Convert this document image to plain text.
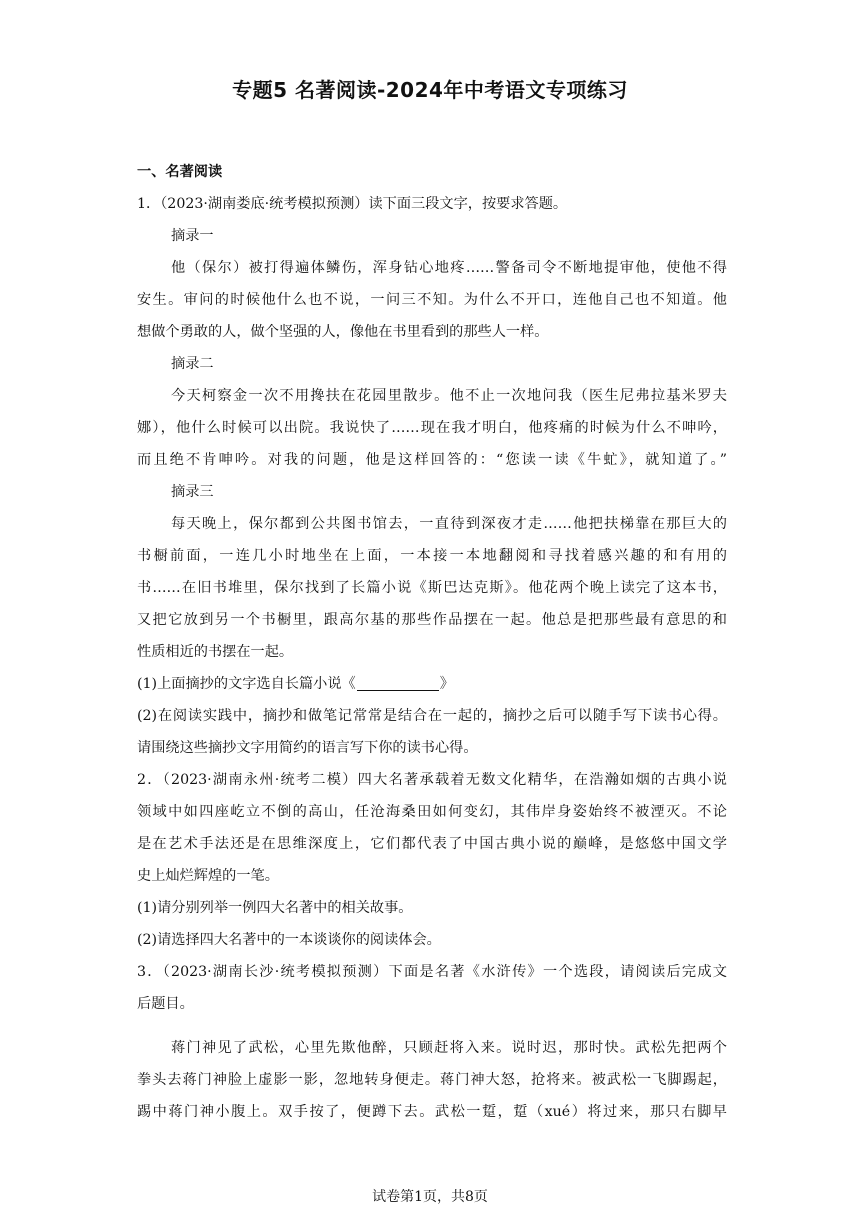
专题5 名著阅读-2024年中考语文专项练习
一、名著阅读
1．（2023·湖南娄底·统考模拟预测）读下面三段文字，按要求答题。
摘录一
他（保尔）被打得遍体鳞伤，浑身钻心地疼……警备司令不断地提审他，使他不得
安生。审问的时候他什么也不说，一问三不知。为什么不开口，连他自己也不知道。他
想做个勇敢的人，做个坚强的人，像他在书里看到的那些人一样。
摘录二
今天柯察金一次不用搀扶在花园里散步。他不止一次地问我（医生尼弗拉基米罗夫
娜），他什么时候可以出院。我说快了……现在我才明白，他疼痛的时候为什么不呻吟，
而且绝不肯呻吟。对我的问题，他是这样回答的：“您读一读《牛虻》，就知道了。”
摘录三
每天晚上，保尔都到公共图书馆去，一直待到深夜才走……他把扶梯靠在那巨大的
书橱前面，一连几小时地坐在上面，一本接一本地翻阅和寻找着感兴趣的和有用的
书……在旧书堆里，保尔找到了长篇小说《斯巴达克斯》。他花两个晚上读完了这本书，
又把它放到另一个书橱里，跟高尔基的那些作品摆在一起。他总是把那些最有意思的和
性质相近的书摆在一起。
(1)上面摘抄的文字选自长篇小说《	》
(2)在阅读实践中，摘抄和做笔记常常是结合在一起的，摘抄之后可以随手写下读书心得。
请围绕这些摘抄文字用简约的语言写下你的读书心得。
2．（2023·湖南永州·统考二模）四大名著承载着无数文化精华，在浩瀚如烟的古典小说
领域中如四座屹立不倒的高山，任沧海桑田如何变幻，其伟岸身姿始终不被湮灭。不论
是在艺术手法还是在思维深度上，它们都代表了中国古典小说的巅峰，是悠悠中国文学
史上灿烂辉煌的一笔。
(1)请分别列举一例四大名著中的相关故事。
(2)请选择四大名著中的一本谈谈你的阅读体会。
3．（2023·湖南长沙·统考模拟预测）下面是名著《水浒传》一个选段，请阅读后完成文
后题目。
蒋门神见了武松，心里先欺他醉，只顾赶将入来。说时迟，那时快。武松先把两个
拳头去蒋门神脸上虚影一影，忽地转身便走。蒋门神大怒，抢将来。被武松一飞脚踢起，
踢中蒋门神小腹上。双手按了，便蹲下去。武松一踅，踅（xué）将过来，那只右脚早
试卷第1页，共8页
